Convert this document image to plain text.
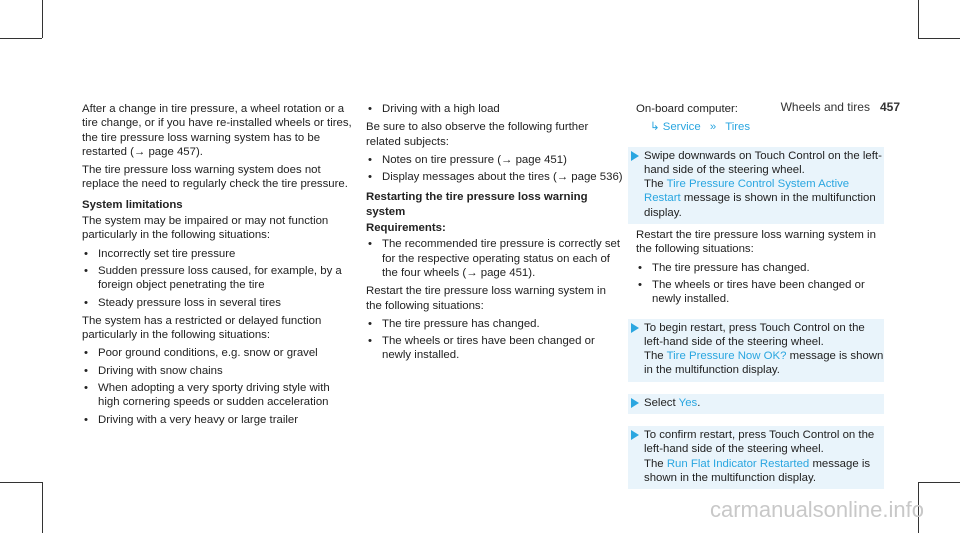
Wheels and tires 457

After a change in tire pressure, a wheel rotation or a tire change, or if you have re-installed wheels or tires, the tire pressure loss warning system has to be restarted (→ page 457).

The tire pressure loss warning system does not replace the need to regularly check the tire pressure.

System limitations

The system may be impaired or may not function particularly in the following situations:

• Incorrectly set tire pressure
• Sudden pressure loss caused, for example, by a foreign object penetrating the tire
• Steady pressure loss in several tires

The system has a restricted or delayed function particularly in the following situations:

• Poor ground conditions, e.g. snow or gravel
• Driving with snow chains
• When adopting a very sporty driving style with high cornering speeds or sudden acceleration
• Driving with a very heavy or large trailer
• Driving with a high load

Be sure to also observe the following further related subjects:

• Notes on tire pressure (→ page 451)
• Display messages about the tires (→ page 536)
Restarting the tire pressure loss warning system
Requirements:
• The recommended tire pressure is correctly set for the respective operating status on each of the four wheels (→ page 451).

Restart the tire pressure loss warning system in the following situations:

• The tire pressure has changed.
• The wheels or tires have been changed or newly installed.

On-board computer:

↳ Service » Tires
Swipe downwards on Touch Control on the left-hand side of the steering wheel.
The Tire Pressure Control System Active Restart message is shown in the multifunction display.

Restart the tire pressure loss warning system in the following situations:

• The tire pressure has changed.
• The wheels or tires have been changed or newly installed.
To begin restart, press Touch Control on the left-hand side of the steering wheel.
The Tire Pressure Now OK? message is shown in the multifunction display.
Select Yes.
To confirm restart, press Touch Control on the left-hand side of the steering wheel.
The Run Flat Indicator Restarted message is shown in the multifunction display.
carmanualsonline.info
